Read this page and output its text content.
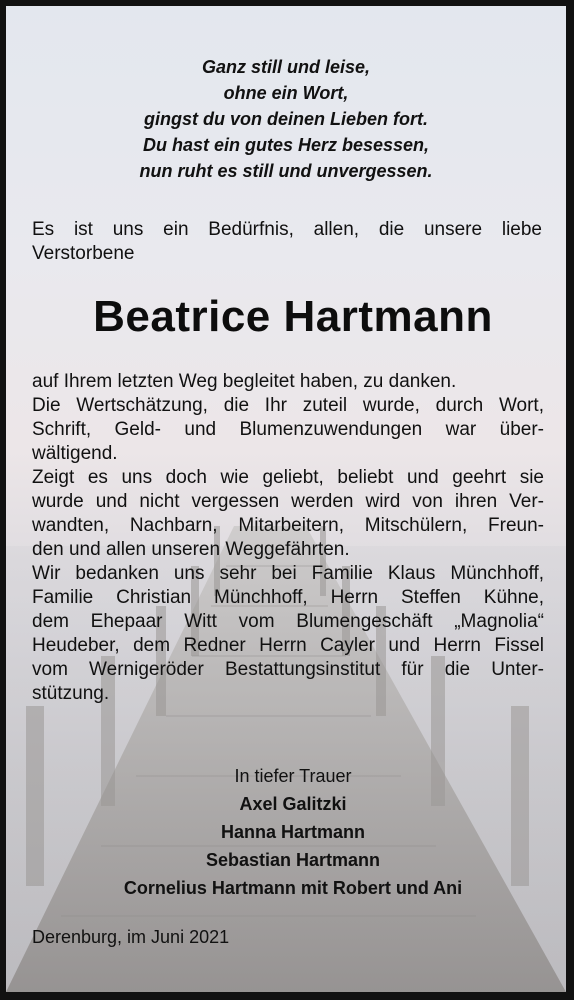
Ganz still und leise,
ohne ein Wort,
gingst du von deinen Lieben fort.
Du hast ein gutes Herz besessen,
nun ruht es still und unvergessen.
Es ist uns ein Bedürfnis, allen, die unsere liebe
Verstorbene
Beatrice Hartmann
auf Ihrem letzten Weg begleitet haben, zu danken.
Die Wertschätzung, die Ihr zuteil wurde, durch Wort,
Schrift, Geld- und Blumenzuwendungen war über-
wältigend.
Zeigt es uns doch wie geliebt, beliebt und geehrt sie
wurde und nicht vergessen werden wird von ihren Ver-
wandten, Nachbarn, Mitarbeitern, Mitschülern, Freun-
den und allen unseren Weggefährten.
Wir bedanken uns sehr bei Familie Klaus Münchhoff,
Familie Christian Münchhoff, Herrn Steffen Kühne,
dem Ehepaar Witt vom Blumengeschäft „Magnolia“
Heudeber, dem Redner Herrn Cayler und Herrn Fissel
vom Wernigeröder Bestattungsinstitut für die Unter-
stützung.
In tiefer Trauer
Axel Galitzki
Hanna Hartmann
Sebastian Hartmann
Cornelius Hartmann mit Robert und Ani
Derenburg, im Juni 2021
